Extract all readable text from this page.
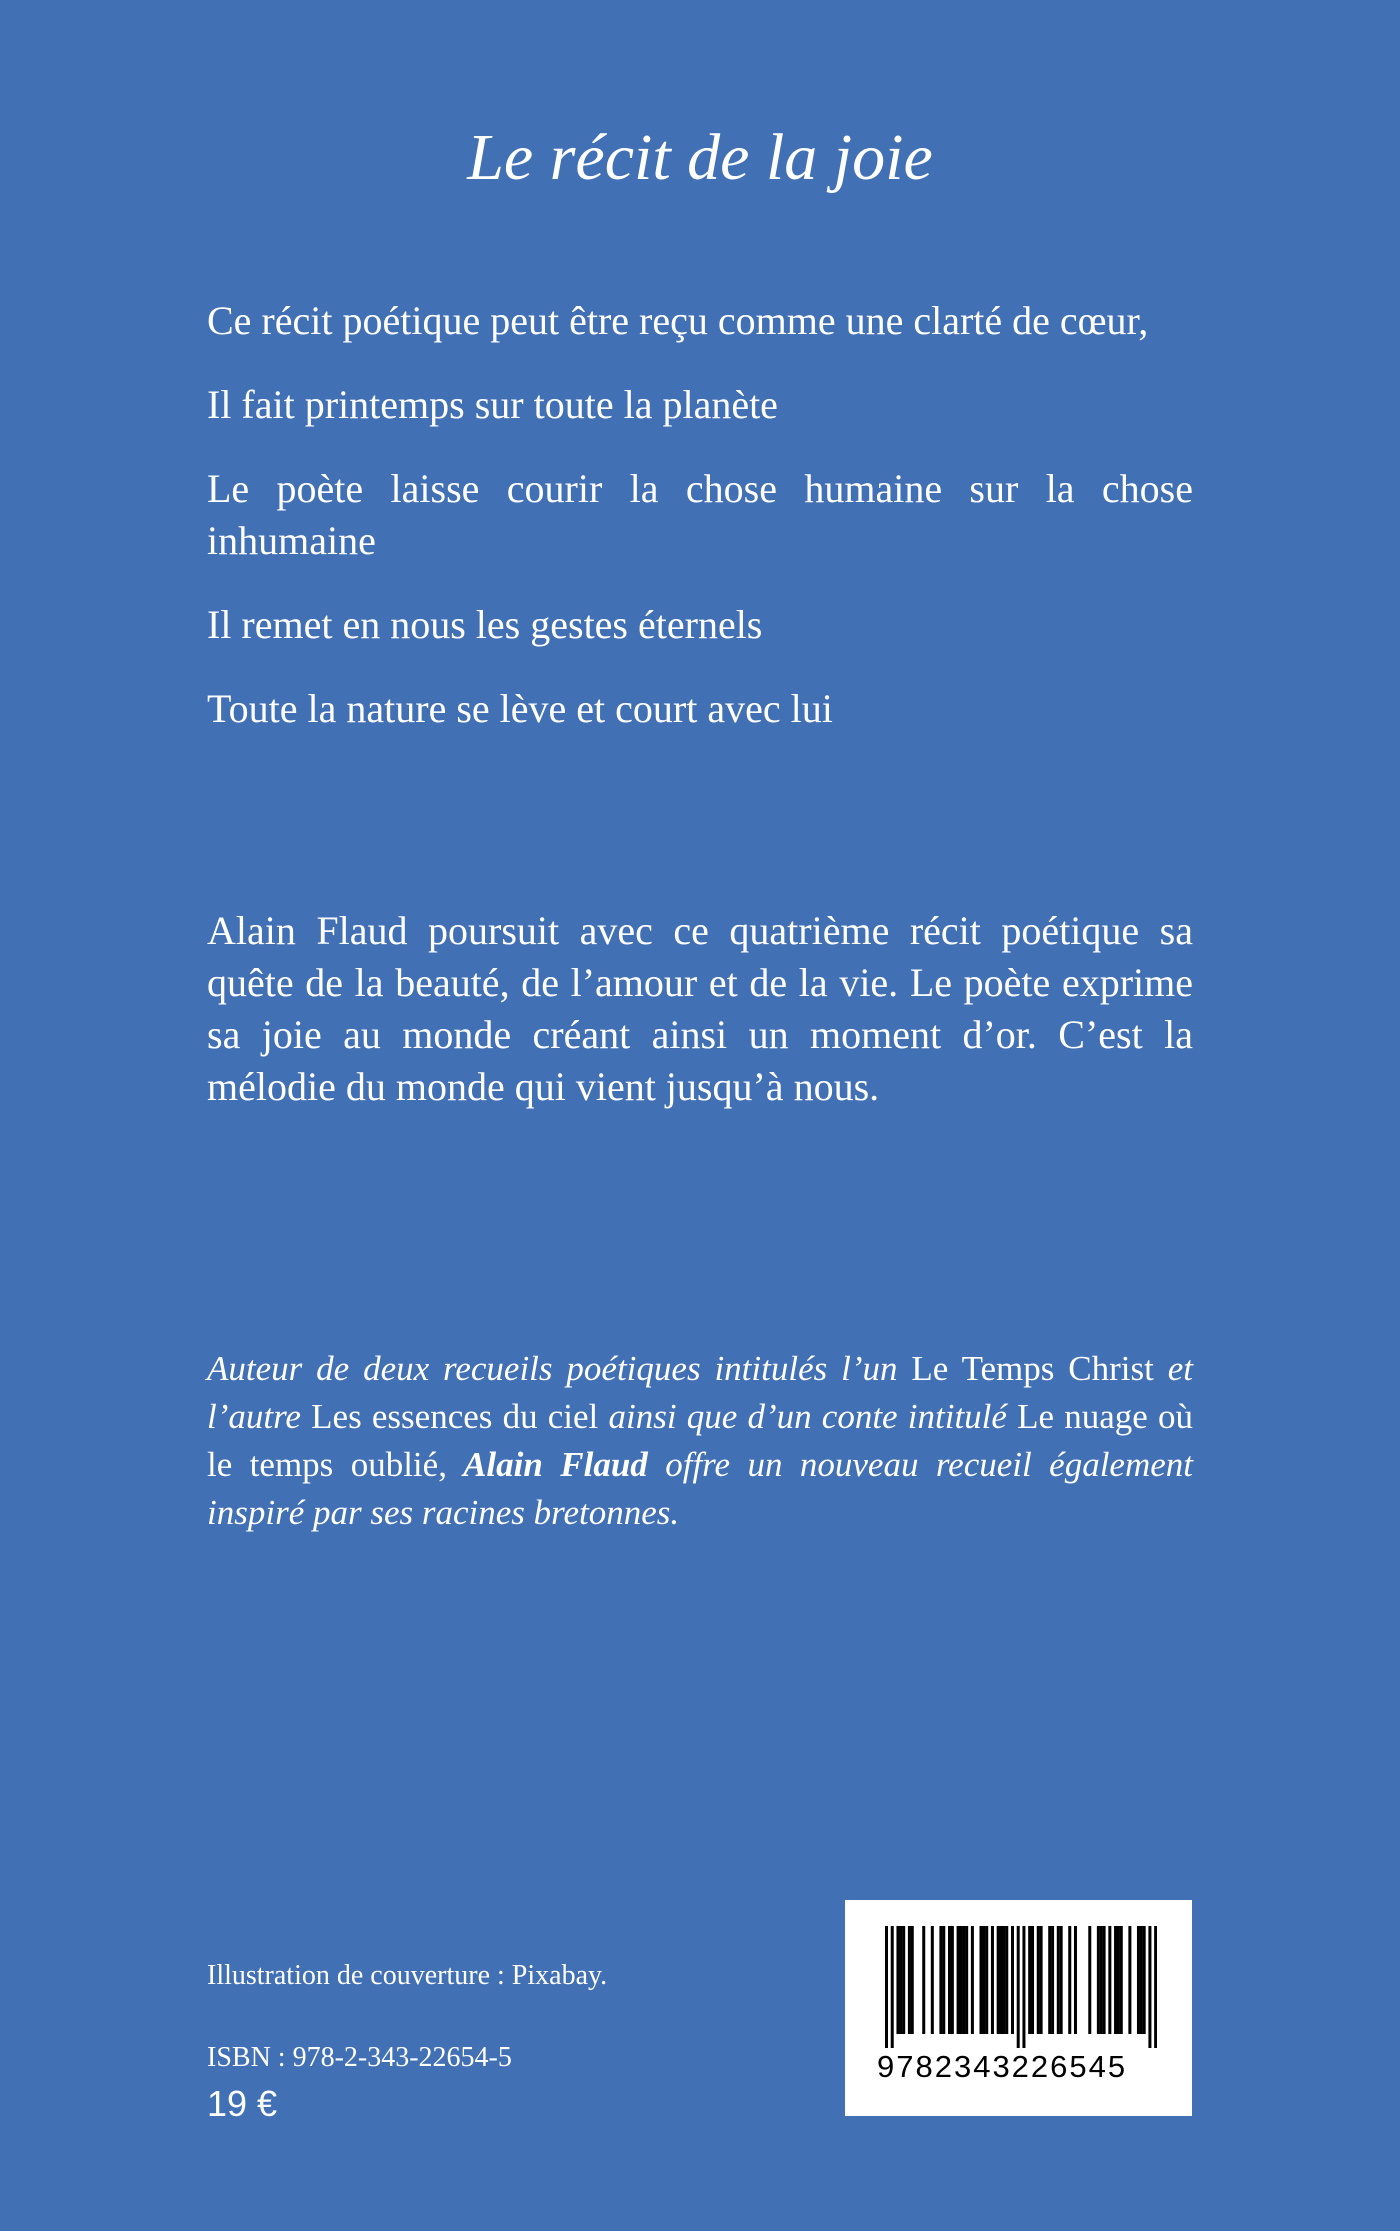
Le récit de la joie

Ce récit poétique peut être reçu comme une clarté de cœur,

Il fait printemps sur toute la planète

Le poète laisse courir la chose humaine sur la chose inhumaine

Il remet en nous les gestes éternels

Toute la nature se lève et court avec lui

Alain Flaud poursuit avec ce quatrième récit poétique sa quête de la beauté, de l’amour et de la vie. Le poète exprime sa joie au monde créant ainsi un moment d’or. C’est la mélodie du monde qui vient jusqu’à nous.

Auteur de deux recueils poétiques intitulés l’un Le Temps Christ et l’autre Les essences du ciel ainsi que d’un conte intitulé Le nuage où le temps oublié, Alain Flaud offre un nouveau recueil également inspiré par ses racines bretonnes.

Illustration de couverture : Pixabay.

ISBN : 978-2-343-22654-5

19 €

9782343226545
